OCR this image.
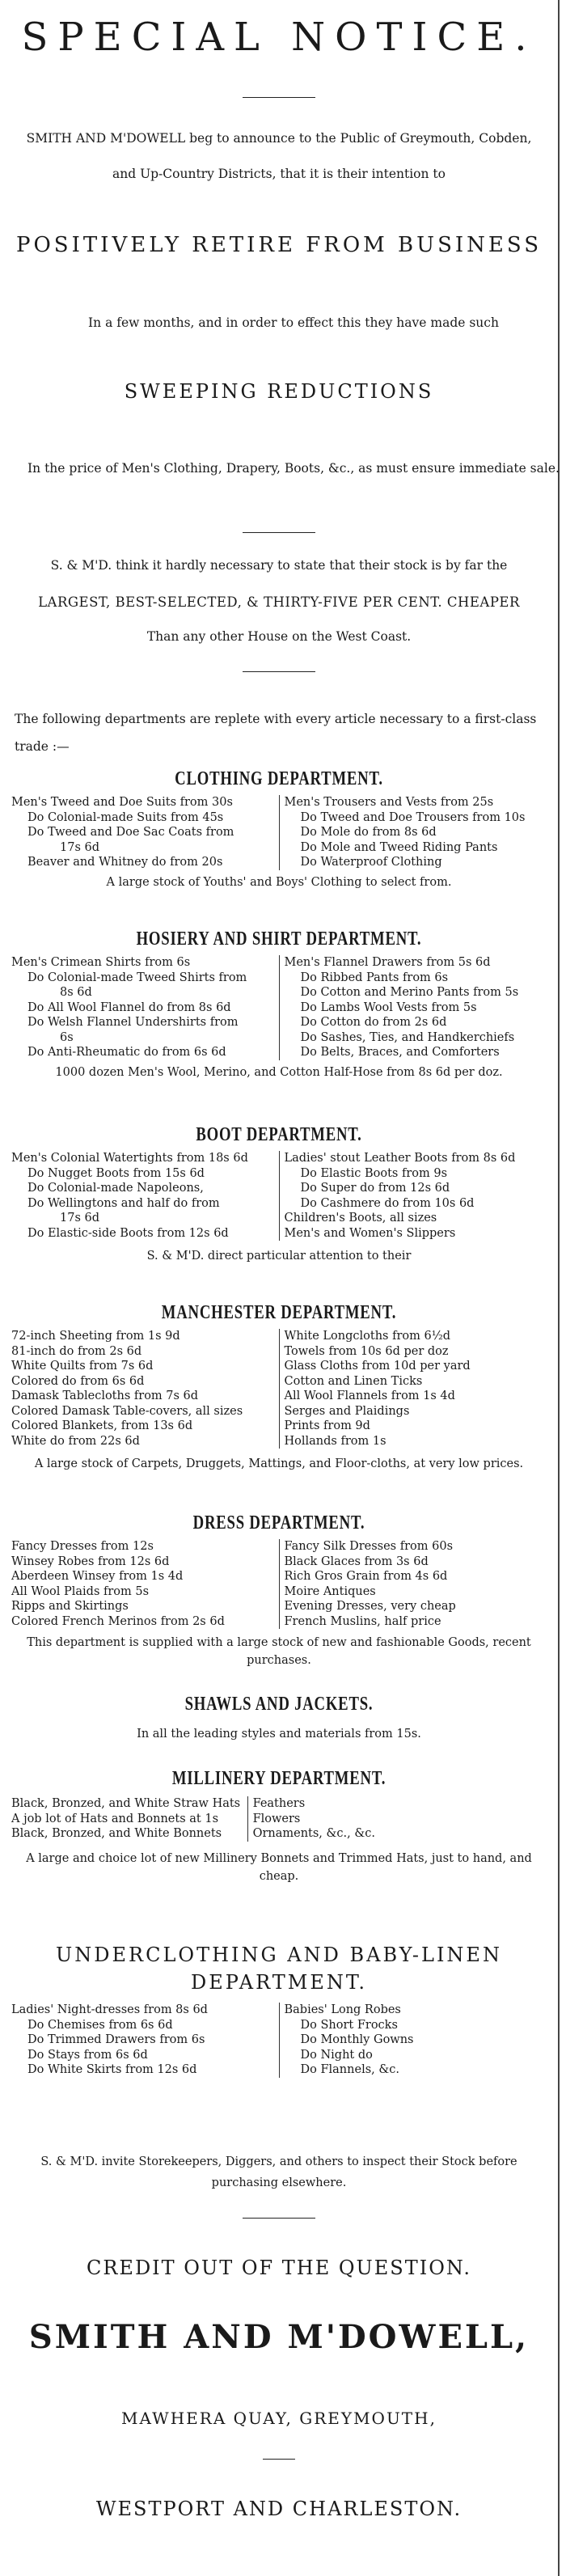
SPECIAL NOTICE.
SMITH AND M'DOWELL beg to announce to the Public of Greymouth, Cobden,
and Up-Country Districts, that it is their intention to
POSITIVELY RETIRE FROM BUSINESS
In a few months, and in order to effect this they have made such
SWEEPING REDUCTIONS
In the price of Men's Clothing, Drapery, Boots, &c., as must ensure immediate sale.
S. & M'D. think it hardly necessary to state that their stock is by far the
LARGEST, BEST-SELECTED, & THIRTY-FIVE PER CENT. CHEAPER
Than any other House on the West Coast.
The following departments are replete with every article necessary to a first-class trade :—
CLOTHING DEPARTMENT.
Men's Tweed and Doe Suits from 30s
Do Colonial-made Suits from 45s
Do Tweed and Doe Sac Coats from
17s 6d
Beaver and Whitney do from 20s
Men's Trousers and Vests from 25s
Do Tweed and Doe Trousers from 10s
Do Mole do from 8s 6d
Do Mole and Tweed Riding Pants
Do Waterproof Clothing
A large stock of Youths' and Boys' Clothing to select from.
HOSIERY AND SHIRT DEPARTMENT.
Men's Crimean Shirts from 6s
Do Colonial-made Tweed Shirts from
8s 6d
Do All Wool Flannel do from 8s 6d
Do Welsh Flannel Undershirts from
6s
Do Anti-Rheumatic do from 6s 6d
Men's Flannel Drawers from 5s 6d
Do Ribbed Pants from 6s
Do Cotton and Merino Pants from 5s
Do Lambs Wool Vests from 5s
Do Cotton do from 2s 6d
Do Sashes, Ties, and Handkerchiefs
Do Belts, Braces, and Comforters
1000 dozen Men's Wool, Merino, and Cotton Half-Hose from 8s 6d per doz.
BOOT DEPARTMENT.
Men's Colonial Watertights from 18s 6d
Do Nugget Boots from 15s 6d
Do Colonial-made Napoleons,
Do Wellingtons and half do from
17s 6d
Do Elastic-side Boots from 12s 6d
Ladies' stout Leather Boots from 8s 6d
Do Elastic Boots from 9s
Do Super do from 12s 6d
Do Cashmere do from 10s 6d
Children's Boots, all sizes
Men's and Women's Slippers
S. & M'D. direct particular attention to their
MANCHESTER DEPARTMENT.
72-inch Sheeting from 1s 9d
81-inch do from 2s 6d
White Quilts from 7s 6d
Colored do from 6s 6d
Damask Tablecloths from 7s 6d
Colored Damask Table-covers, all sizes
Colored Blankets, from 13s 6d
White do from 22s 6d
White Longcloths from 6½d
Towels from 10s 6d per doz
Glass Cloths from 10d per yard
Cotton and Linen Ticks
All Wool Flannels from 1s 4d
Serges and Plaidings
Prints from 9d
Hollands from 1s
A large stock of Carpets, Druggets, Mattings, and Floor-cloths, at very low prices.
DRESS DEPARTMENT.
Fancy Dresses from 12s
Winsey Robes from 12s 6d
Aberdeen Winsey from 1s 4d
All Wool Plaids from 5s
Ripps and Skirtings
Colored French Merinos from 2s 6d
Fancy Silk Dresses from 60s
Black Glaces from 3s 6d
Rich Gros Grain from 4s 6d
Moire Antiques
Evening Dresses, very cheap
French Muslins, half price
This department is supplied with a large stock of new and fashionable Goods, recent purchases.
SHAWLS AND JACKETS.
In all the leading styles and materials from 15s.
MILLINERY DEPARTMENT.
Black, Bronzed, and White Straw Hats
A job lot of Hats and Bonnets at 1s
Black, Bronzed, and White Bonnets
Feathers
Flowers
Ornaments, &c., &c.
A large and choice lot of new Millinery Bonnets and Trimmed Hats, just to hand, and cheap.
UNDERCLOTHING AND BABY-LINEN DEPARTMENT.
Ladies' Night-dresses from 8s 6d
Do Chemises from 6s 6d
Do Trimmed Drawers from 6s
Do Stays from 6s 6d
Do White Skirts from 12s 6d
Babies' Long Robes
Do Short Frocks
Do Monthly Gowns
Do Night do
Do Flannels, &c.
S. & M'D. invite Storekeepers, Diggers, and others to inspect their Stock before purchasing elsewhere.
CREDIT OUT OF THE QUESTION.
SMITH AND M'DOWELL,
MAWHERA QUAY, GREYMOUTH,
WESTPORT AND CHARLESTON.
